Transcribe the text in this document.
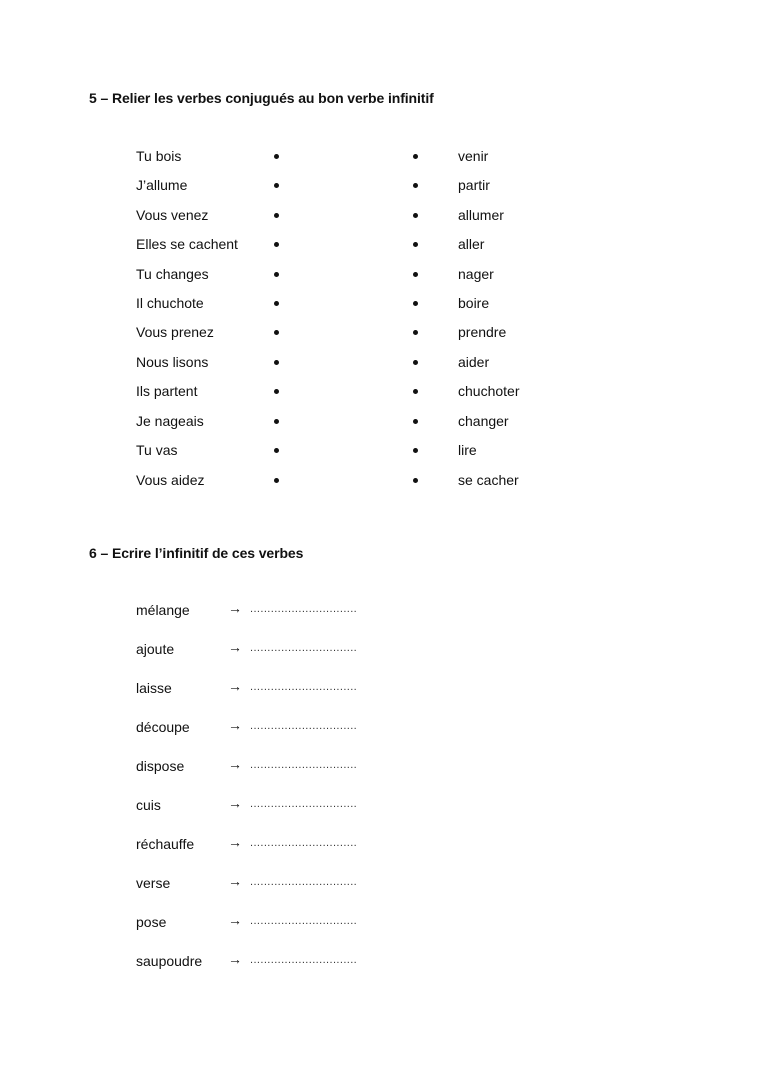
5 – Relier les verbes conjugués au bon verbe infinitif
Tu bois	venir
J’allume	partir
Vous venez	allumer
Elles se cachent	aller
Tu changes	nager
Il chuchote	boire
Vous prenez	prendre
Nous lisons	aider
Ils partent	chuchoter
Je nageais	changer
Tu vas	lire
Vous aidez	se cacher
6 – Ecrire l’infinitif de ces verbes
mélange	→ ...............................
ajoute	→ ...............................
laisse	→ ...............................
découpe	→ ...............................
dispose	→ ...............................
cuis	→ ...............................
réchauffe → ...............................
verse	→ ...............................
pose	→ ...............................
saupoudre → ...............................
